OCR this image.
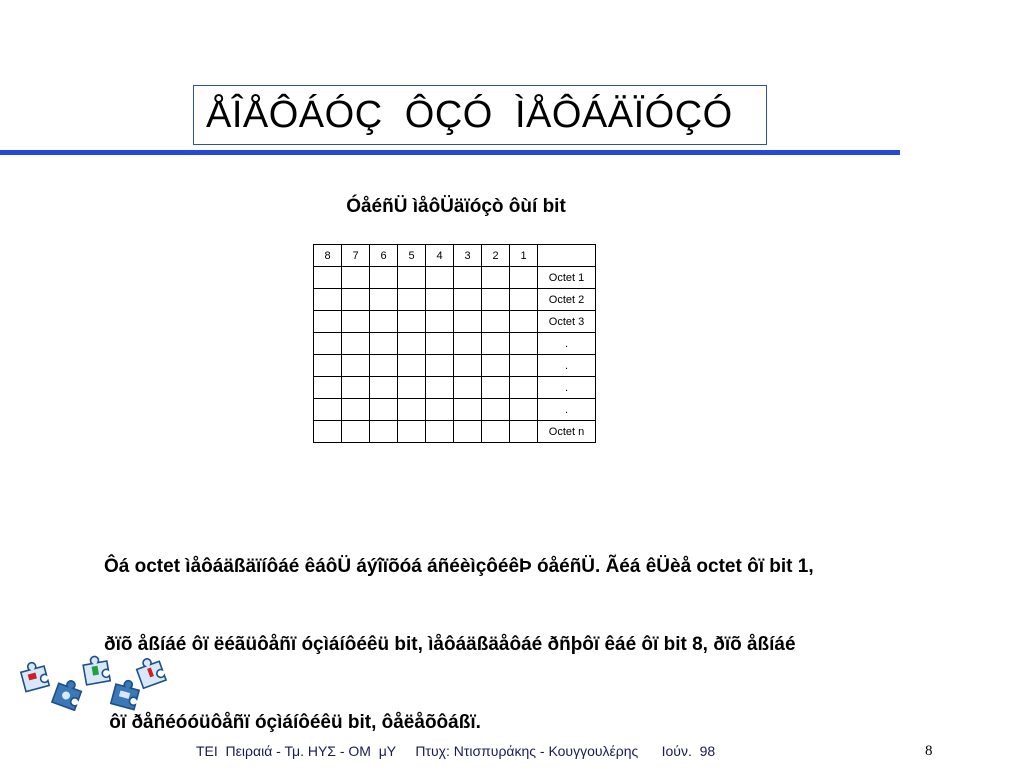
ÅÎÅÔÁÓÇ  ÔÇÓ  ÌÅÔÁÄÏÓÇÓ
ÓåéñÜ ìåôÜäïóçò ôùí bit
8	7	6	5	4	3	2	1	
								Octet 1
								Octet 2
								Octet 3
								.
								.
								.
								.
								Octet n

Ôá octet ìåôáäßäïíôáé êáôÜ áýîïõóá áñéèìçôéêÞ óåéñÜ. Ãéá êÜèå octet ôï bit 1,

ðïõ åßíáé ôï ëéãüôåñï óçìáíôéêü bit, ìåôáäßäåôáé ðñþôï êáé ôï bit 8, ðïõ åßíáé

ôï ðåñéóóüôåñï óçìáíôéêü bit, ôåëåõôáßï.

TEI  Πειραιά - Τμ. ΗΥΣ - ΟΜ  μΥ     Πτυχ: Ντισπυράκης - Κουγγουλέρης      Ιούν.  98	8
